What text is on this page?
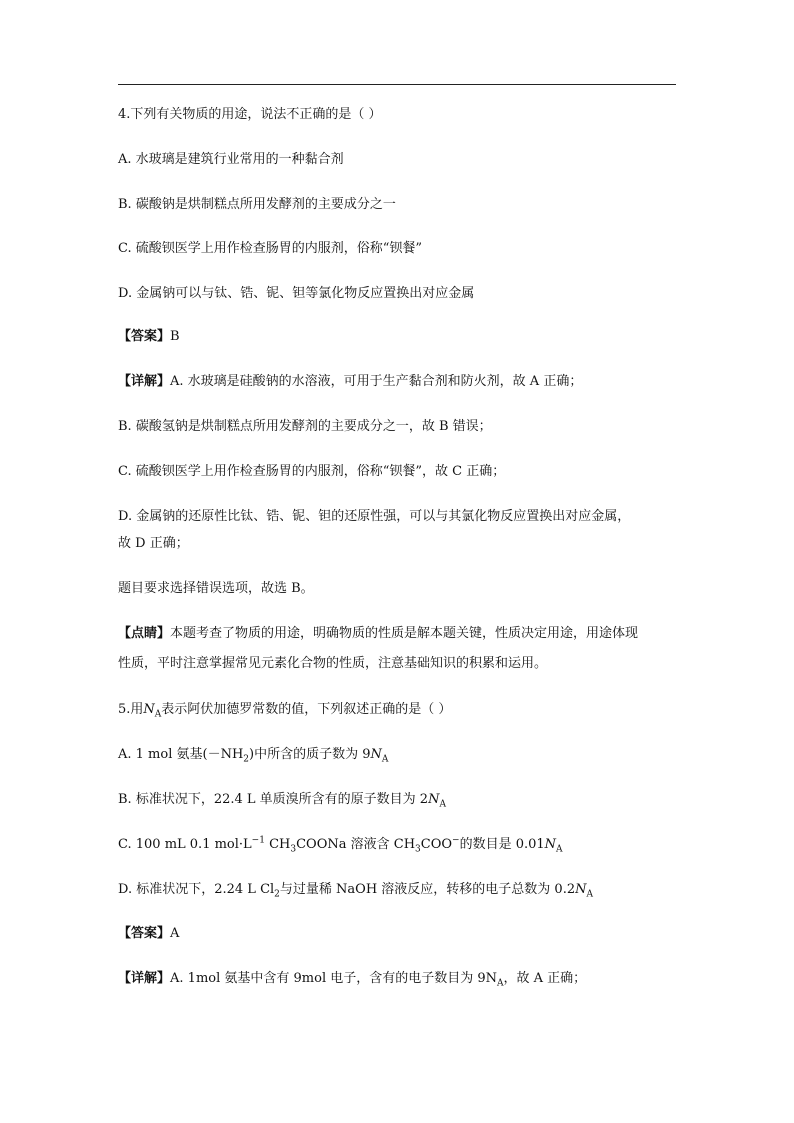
4.下列有关物质的用途，说法不正确的是（ ）
A. 水玻璃是建筑行业常用的一种黏合剂
B. 碳酸钠是烘制糕点所用发酵剂的主要成分之一
C. 硫酸钡医学上用作检查肠胃的内服剂，俗称“钡餐”
D. 金属钠可以与钛、锆、铌、钽等氯化物反应置换出对应金属
【答案】B
【详解】A. 水玻璃是硅酸钠的水溶液，可用于生产黏合剂和防火剂，故 A 正确；
B. 碳酸氢钠是烘制糕点所用发酵剂的主要成分之一，故 B 错误；
C. 硫酸钡医学上用作检查肠胃的内服剂，俗称“钡餐”，故 C 正确；
D. 金属钠的还原性比钛、锆、铌、钽的还原性强，可以与其氯化物反应置换出对应金属，
故 D 正确；
题目要求选择错误选项，故选 B。
【点睛】本题考查了物质的用途，明确物质的性质是解本题关键，性质决定用途，用途体现
性质，平时注意掌握常见元素化合物的性质，注意基础知识的积累和运用。
5.用$N_A$表示阿伏加德罗常数的值，下列叙述正确的是（ ）
A. 1 mol 氨基$(-NH_2)$中所含的质子数为 $9N_A$
B. 标准状况下，22.4 L 单质溴所含有的原子数目为 $2N_A$
C. 100 mL 0.1 $mol\cdot L^{-1}$ $CH_3COONa$ 溶液含 $CH_3COO^-$的数目是 $0.01N_A$
D. 标准状况下，2.24 L $Cl_2$与过量稀 NaOH 溶液反应，转移的电子总数为 $0.2N_A$
【答案】A
【详解】A. 1mol 氨基中含有 9mol 电子，含有的电子数目为 $9N_A$，故 A 正确；
